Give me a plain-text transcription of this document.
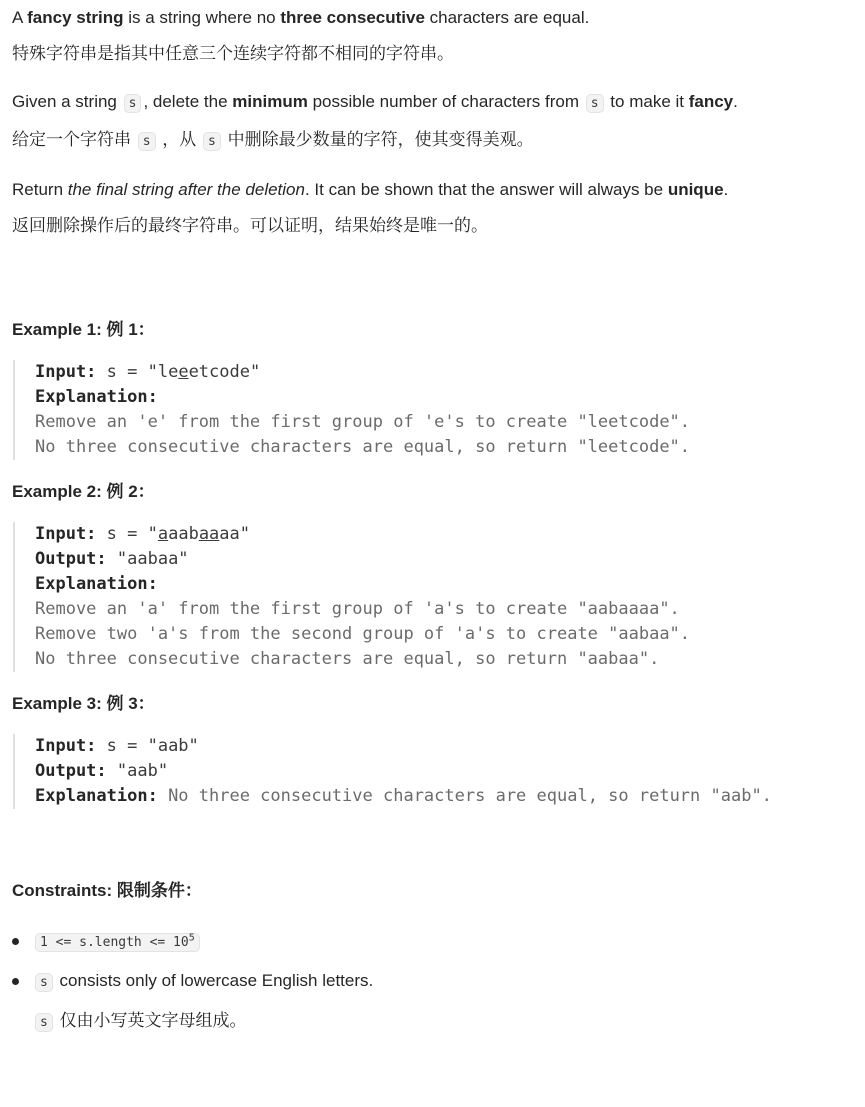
A fancy string is a string where no three consecutive characters are equal.

特殊字符串是指其中任意三个连续字符都不相同的字符串。

Given a string s , delete the minimum possible number of characters from s to make it fancy.

给定一个字符串 s ，从 s 中删除最少数量的字符，使其变得美观。

Return the final string after the deletion. It can be shown that the answer will always be unique.

返回删除操作后的最终字符串。可以证明，结果始终是唯一的。

Example 1: 例 1：

Input: s = "leeetcode"
Explanation:
Remove an 'e' from the first group of 'e's to create "leetcode".
No three consecutive characters are equal, so return "leetcode".

Example 2: 例 2：

Input: s = "aaabaaaa"
Output: "aabaa"
Explanation:
Remove an 'a' from the first group of 'a's to create "aabaaaa".
Remove two 'a's from the second group of 'a's to create "aabaa".
No three consecutive characters are equal, so return "aabaa".

Example 3: 例 3：

Input: s = "aab"
Output: "aab"
Explanation: No three consecutive characters are equal, so return "aab".

Constraints: 限制条件：

1 <= s.length <= $10^5$
s consists only of lowercase English letters.
s 仅由小写英文字母组成。
